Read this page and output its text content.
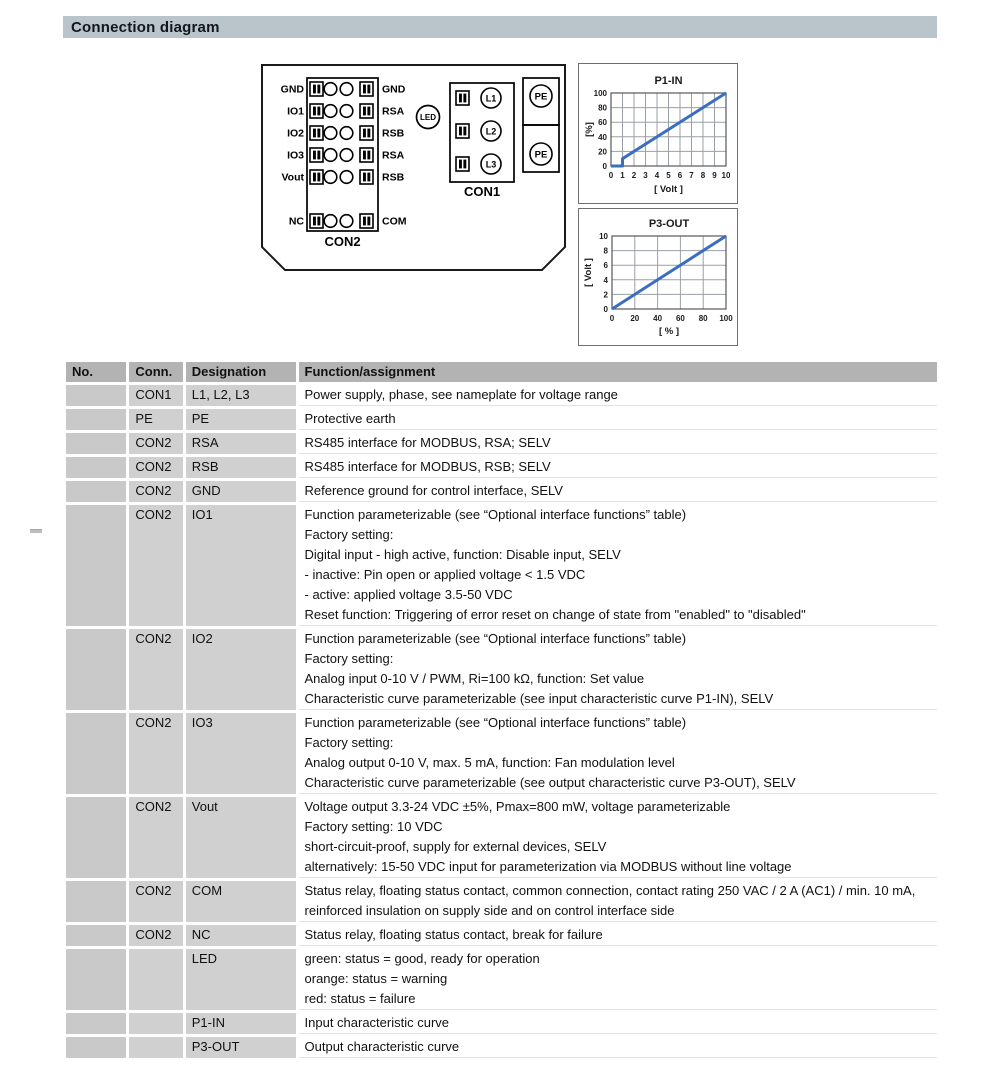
Connection diagram
GND
IO1
IO2
IO3
Vout
NC
GND
RSA
RSB
RSA
RSB
COM
CON2
LED
L1
L2
L3
CON1
PE
PE
0 1 2 3 4 5 6 7 8 9 10
0
20
40
60
80
100
P1-IN
[ Volt ]
[%]
0 20 40 60 80 100
0
2
4
6
8
10
P3-OUT
[ % ]
[ Volt ]
No.	Conn.	Designation	Function/assignment
	CON1	L1, L2, L3	Power supply, phase, see nameplate for voltage range

	PE	PE	Protective earth

	CON2	RSA	RS485 interface for MODBUS, RSA; SELV

	CON2	RSB	RS485 interface for MODBUS, RSB; SELV

	CON2	GND	Reference ground for control interface, SELV

	CON2	IO1	Function parameterizable (see “Optional interface functions” table)
Factory setting:
Digital input - high active, function: Disable input, SELV
- inactive: Pin open or applied voltage < 1.5 VDC
- active: applied voltage 3.5-50 VDC
Reset function: Triggering of error reset on change of state from "enabled" to "disabled"

	CON2	IO2	Function parameterizable (see “Optional interface functions” table)
Factory setting:
Analog input 0-10 V / PWM, Ri=100 kΩ, function: Set value
Characteristic curve parameterizable (see input characteristic curve P1-IN), SELV

	CON2	IO3	Function parameterizable (see “Optional interface functions” table)
Factory setting:
Analog output 0-10 V, max. 5 mA, function: Fan modulation level
Characteristic curve parameterizable (see output characteristic curve P3-OUT), SELV

	CON2	Vout	Voltage output 3.3-24 VDC ±5%, Pmax=800 mW, voltage parameterizable
Factory setting: 10 VDC
short-circuit-proof, supply for external devices, SELV
alternatively: 15-50 VDC input for parameterization via MODBUS without line voltage

	CON2	COM	Status relay, floating status contact, common connection, contact rating 250 VAC / 2 A (AC1) / min. 10 mA, reinforced insulation on supply side and on control interface side

	CON2	NC	Status relay, floating status contact, break for failure

		LED	green: status = good, ready for operation
orange: status = warning
red: status = failure

		P1-IN	Input characteristic curve

		P3-OUT	Output characteristic curve
